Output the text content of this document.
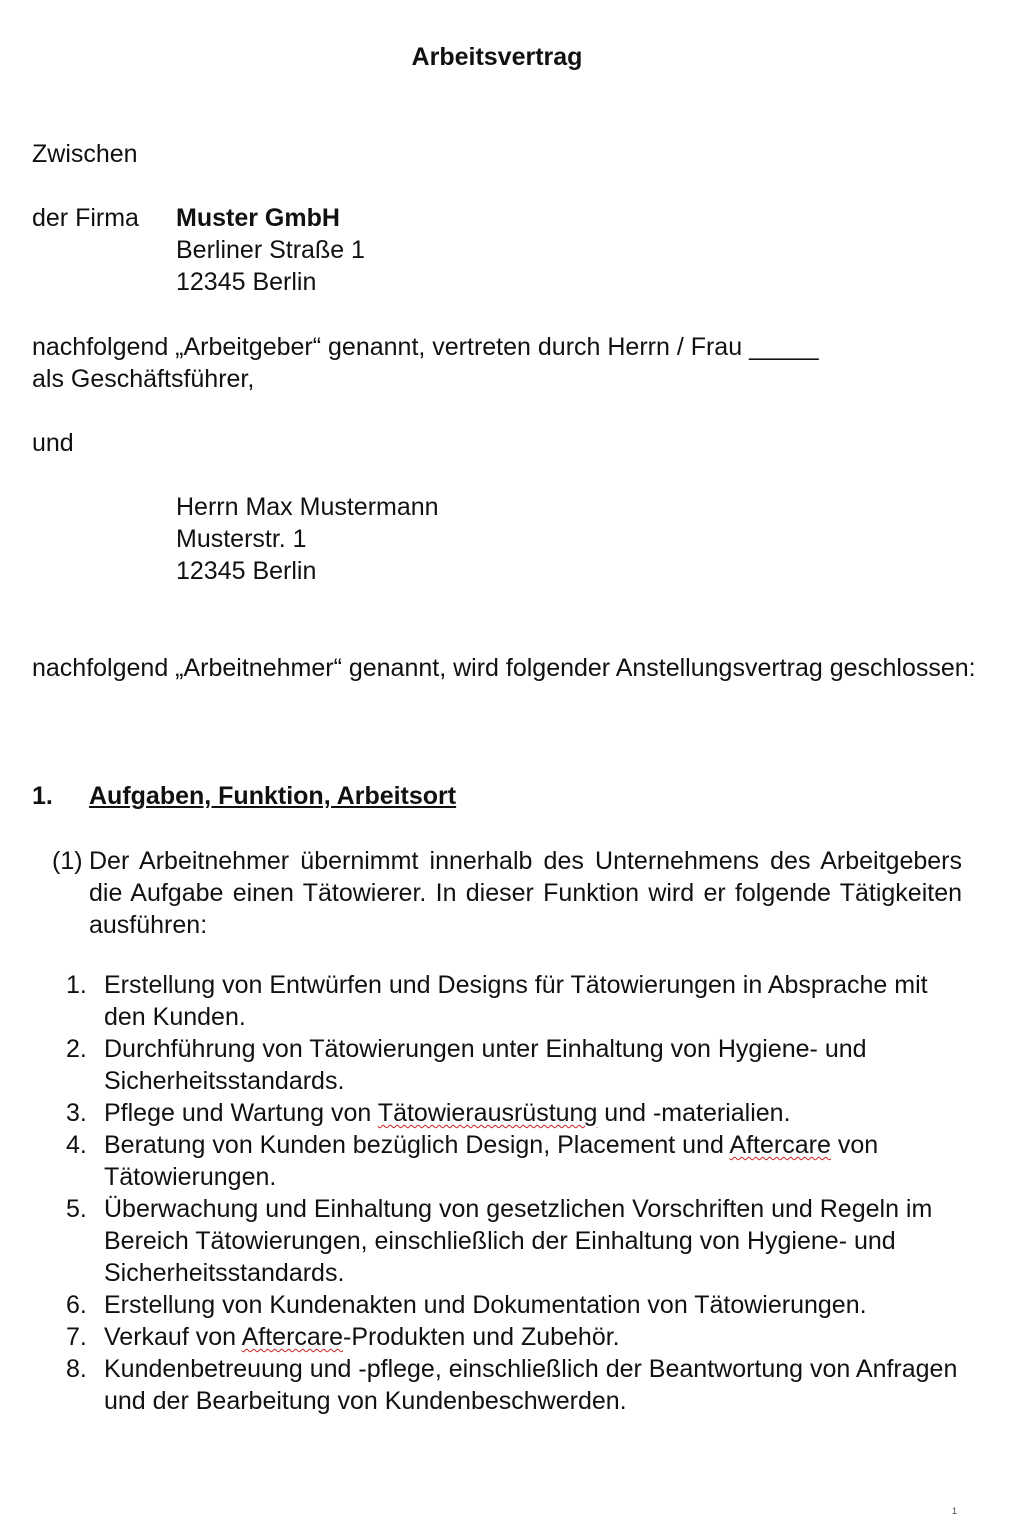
Arbeitsvertrag
Zwischen
der Firma Muster GmbH
Berliner Straße 1
12345 Berlin
nachfolgend „Arbeitgeber“ genannt, vertreten durch Herrn / Frau _____ als Geschäftsführer,
und
Herrn Max Mustermann
Musterstr. 1
12345 Berlin
nachfolgend „Arbeitnehmer“ genannt, wird folgender Anstellungsvertrag geschlossen:
1. Aufgaben, Funktion, Arbeitsort
(1) Der Arbeitnehmer übernimmt innerhalb des Unternehmens des Arbeitgebers die Aufgabe einen Tätowierer. In dieser Funktion wird er folgende Tätigkeiten ausführen:
1. Erstellung von Entwürfen und Designs für Tätowierungen in Absprache mit den Kunden.
2. Durchführung von Tätowierungen unter Einhaltung von Hygiene- und Sicherheitsstandards.
3. Pflege und Wartung von Tätowierausrüstung und -materialien.
4. Beratung von Kunden bezüglich Design, Placement und Aftercare von Tätowierungen.
5. Überwachung und Einhaltung von gesetzlichen Vorschriften und Regeln im Bereich Tätowierungen, einschließlich der Einhaltung von Hygiene- und Sicherheitsstandards.
6. Erstellung von Kundenakten und Dokumentation von Tätowierungen.
7. Verkauf von Aftercare-Produkten und Zubehör.
8. Kundenbetreuung und -pflege, einschließlich der Beantwortung von Anfragen und der Bearbeitung von Kundenbeschwerden.
1
